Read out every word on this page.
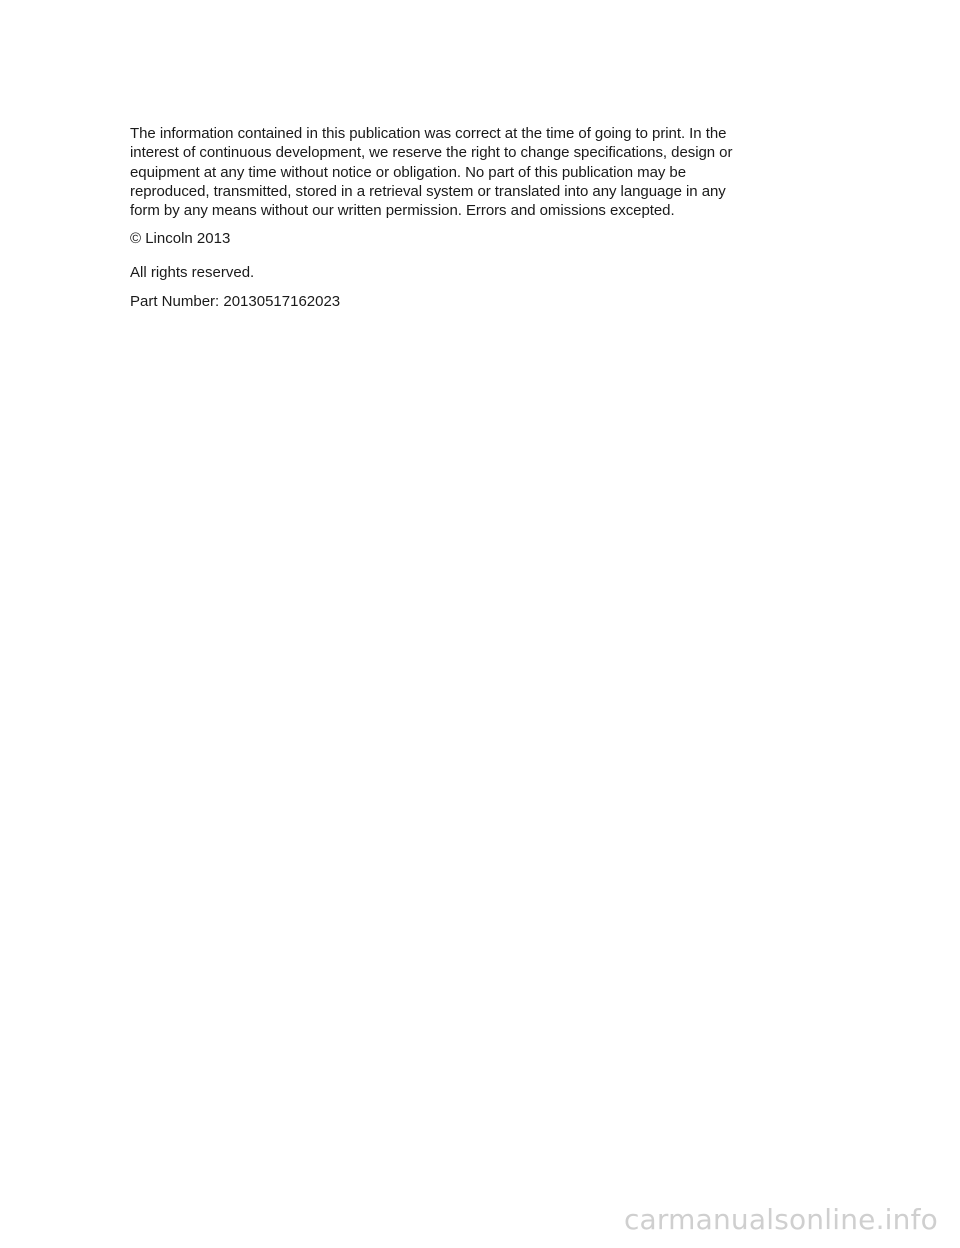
The information contained in this publication was correct at the time of going to print. In the
interest of continuous development, we reserve the right to change specifications, design or
equipment at any time without notice or obligation. No part of this publication may be
reproduced, transmitted, stored in a retrieval system or translated into any language in any
form by any means without our written permission. Errors and omissions excepted.

© Lincoln 2013

All rights reserved.

Part Number: 20130517162023

carmanualsonline.info
